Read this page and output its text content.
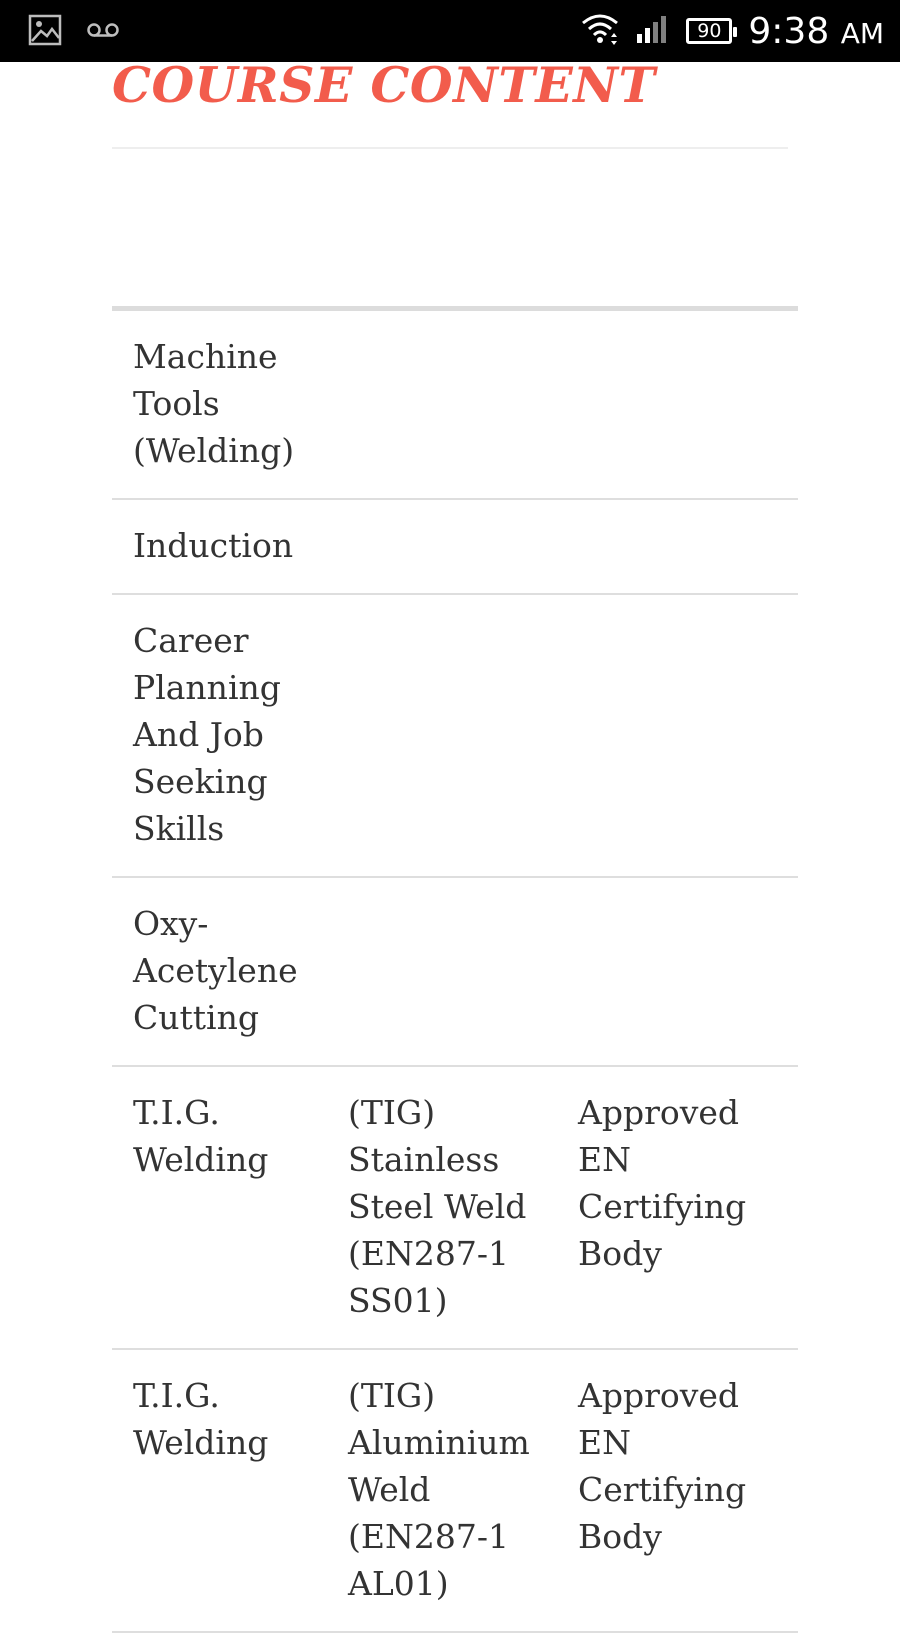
90 9:38 AM
COURSE CONTENT
Machine
Tools
(Welding)
Induction
Career
Planning
And Job
Seeking
Skills
Oxy-
Acetylene
Cutting
T.I.G.
Welding
(TIG)
Stainless
Steel Weld
(EN287-1
SS01)
Approved
EN
Certifying
Body
T.I.G.
Welding
(TIG)
Aluminium
Weld
(EN287-1
AL01)
Approved
EN
Certifying
Body
